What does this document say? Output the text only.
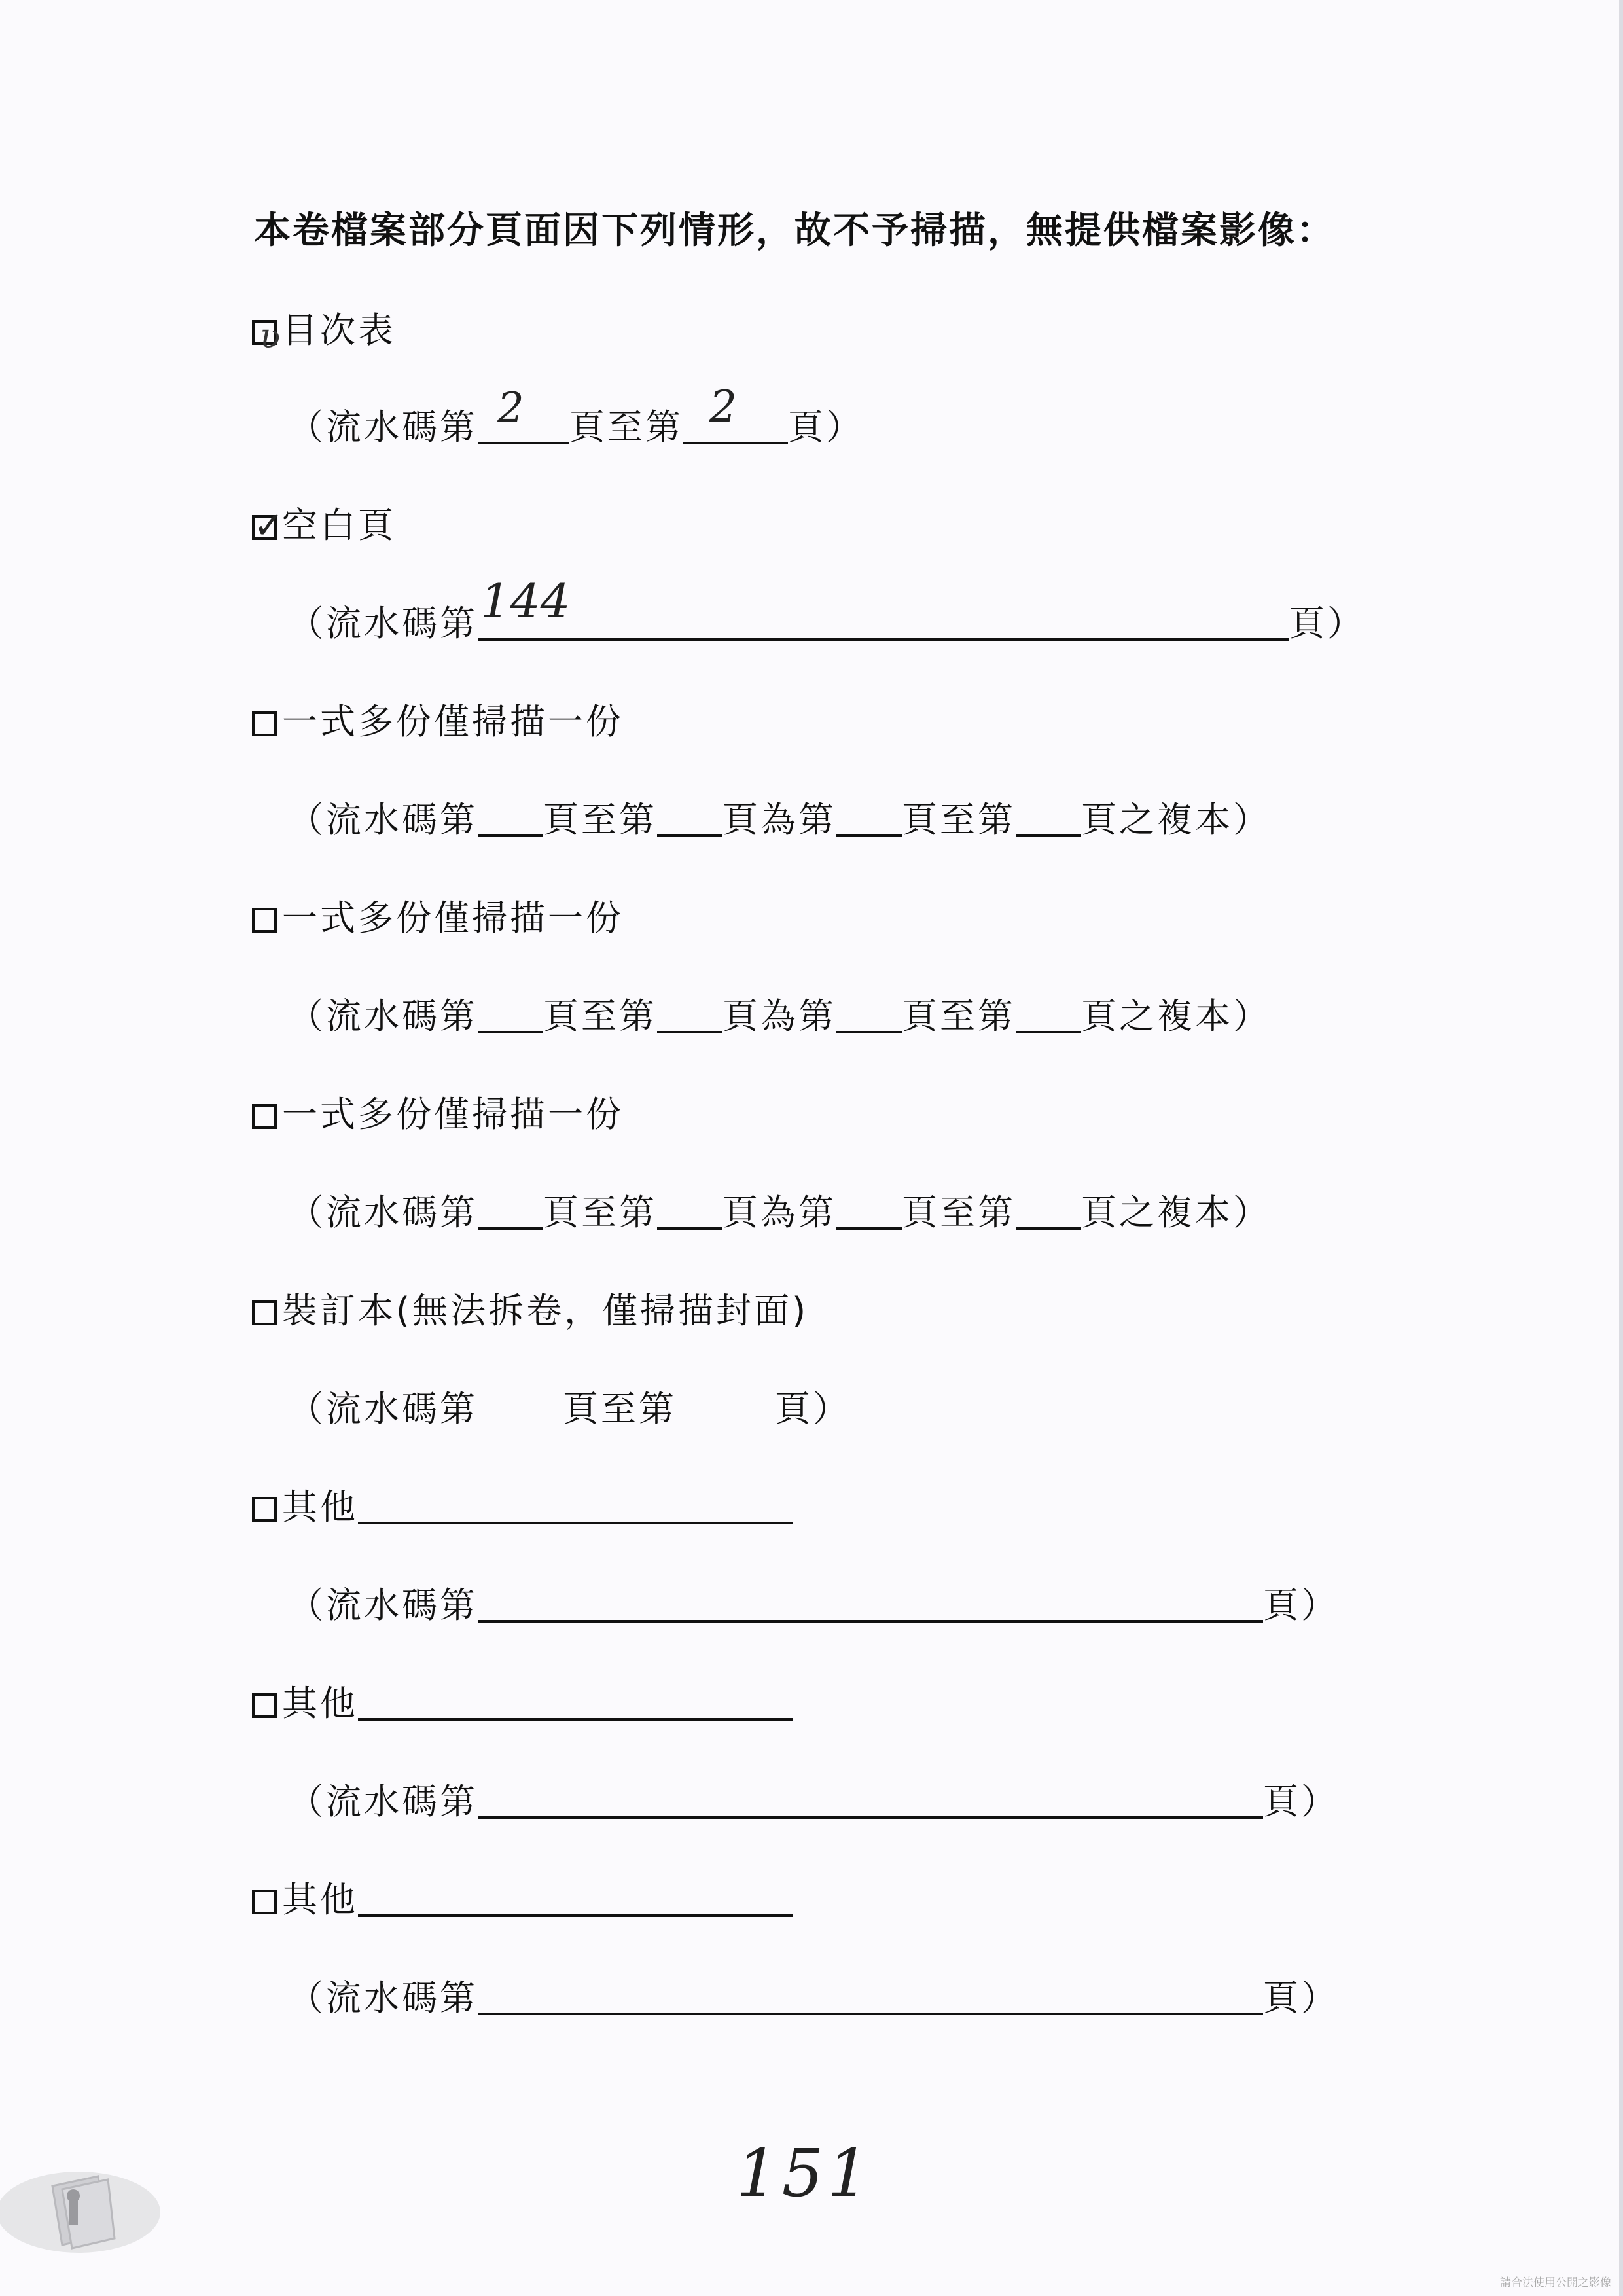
本卷檔案部分頁面因下列情形，故不予掃描，無提供檔案影像：
ʋ 目次表
（流水碼第 2 頁至第 2 頁）
✓
空白頁
（流水碼第 144	頁）
一式多份僅掃描一份
（流水碼第 頁至第 頁為第 頁至第 頁之複本）
一式多份僅掃描一份
（流水碼第 頁至第 頁為第 頁至第 頁之複本）
一式多份僅掃描一份
（流水碼第 頁至第 頁為第 頁至第 頁之複本）
裝訂本(無法拆卷，僅掃描封面)
（流水碼第 頁至第	頁）
其他
（流水碼第	頁）
其他
（流水碼第	頁）
其他
（流水碼第	頁）
151
請合法使用公開之影像
